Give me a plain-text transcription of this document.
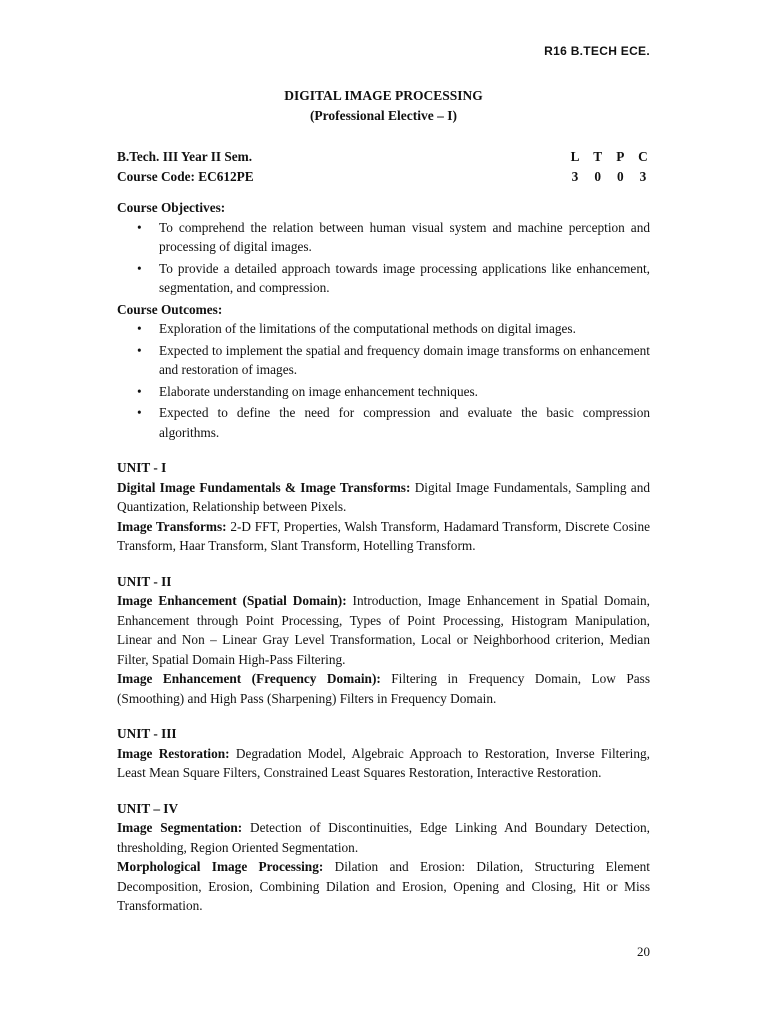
R16 B.TECH ECE.
DIGITAL IMAGE PROCESSING
(Professional Elective – I)
B.Tech. III Year II Sem.	L T P C
Course Code: EC612PE	3 0 0 3
Course Objectives:
• To comprehend the relation between human visual system and machine perception and processing of digital images.
• To provide a detailed approach towards image processing applications like enhancement, segmentation, and compression.
Course Outcomes:
• Exploration of the limitations of the computational methods on digital images.
• Expected to implement the spatial and frequency domain image transforms on enhancement and restoration of images.
• Elaborate understanding on image enhancement techniques.
• Expected to define the need for compression and evaluate the basic compression algorithms.
UNIT - I

Digital Image Fundamentals & Image Transforms: Digital Image Fundamentals, Sampling and Quantization, Relationship between Pixels.

Image Transforms: 2-D FFT, Properties, Walsh Transform, Hadamard Transform, Discrete Cosine Transform, Haar Transform, Slant Transform, Hotelling Transform.

UNIT - II

Image Enhancement (Spatial Domain): Introduction, Image Enhancement in Spatial Domain, Enhancement through Point Processing, Types of Point Processing, Histogram Manipulation, Linear and Non – Linear Gray Level Transformation, Local or Neighborhood criterion, Median Filter, Spatial Domain High-Pass Filtering.

Image Enhancement (Frequency Domain): Filtering in Frequency Domain, Low Pass (Smoothing) and High Pass (Sharpening) Filters in Frequency Domain.

UNIT - III

Image Restoration: Degradation Model, Algebraic Approach to Restoration, Inverse Filtering, Least Mean Square Filters, Constrained Least Squares Restoration, Interactive Restoration.

UNIT – IV

Image Segmentation: Detection of Discontinuities, Edge Linking And Boundary Detection, thresholding, Region Oriented Segmentation.

Morphological Image Processing: Dilation and Erosion: Dilation, Structuring Element Decomposition, Erosion, Combining Dilation and Erosion, Opening and Closing, Hit or Miss Transformation.

20
